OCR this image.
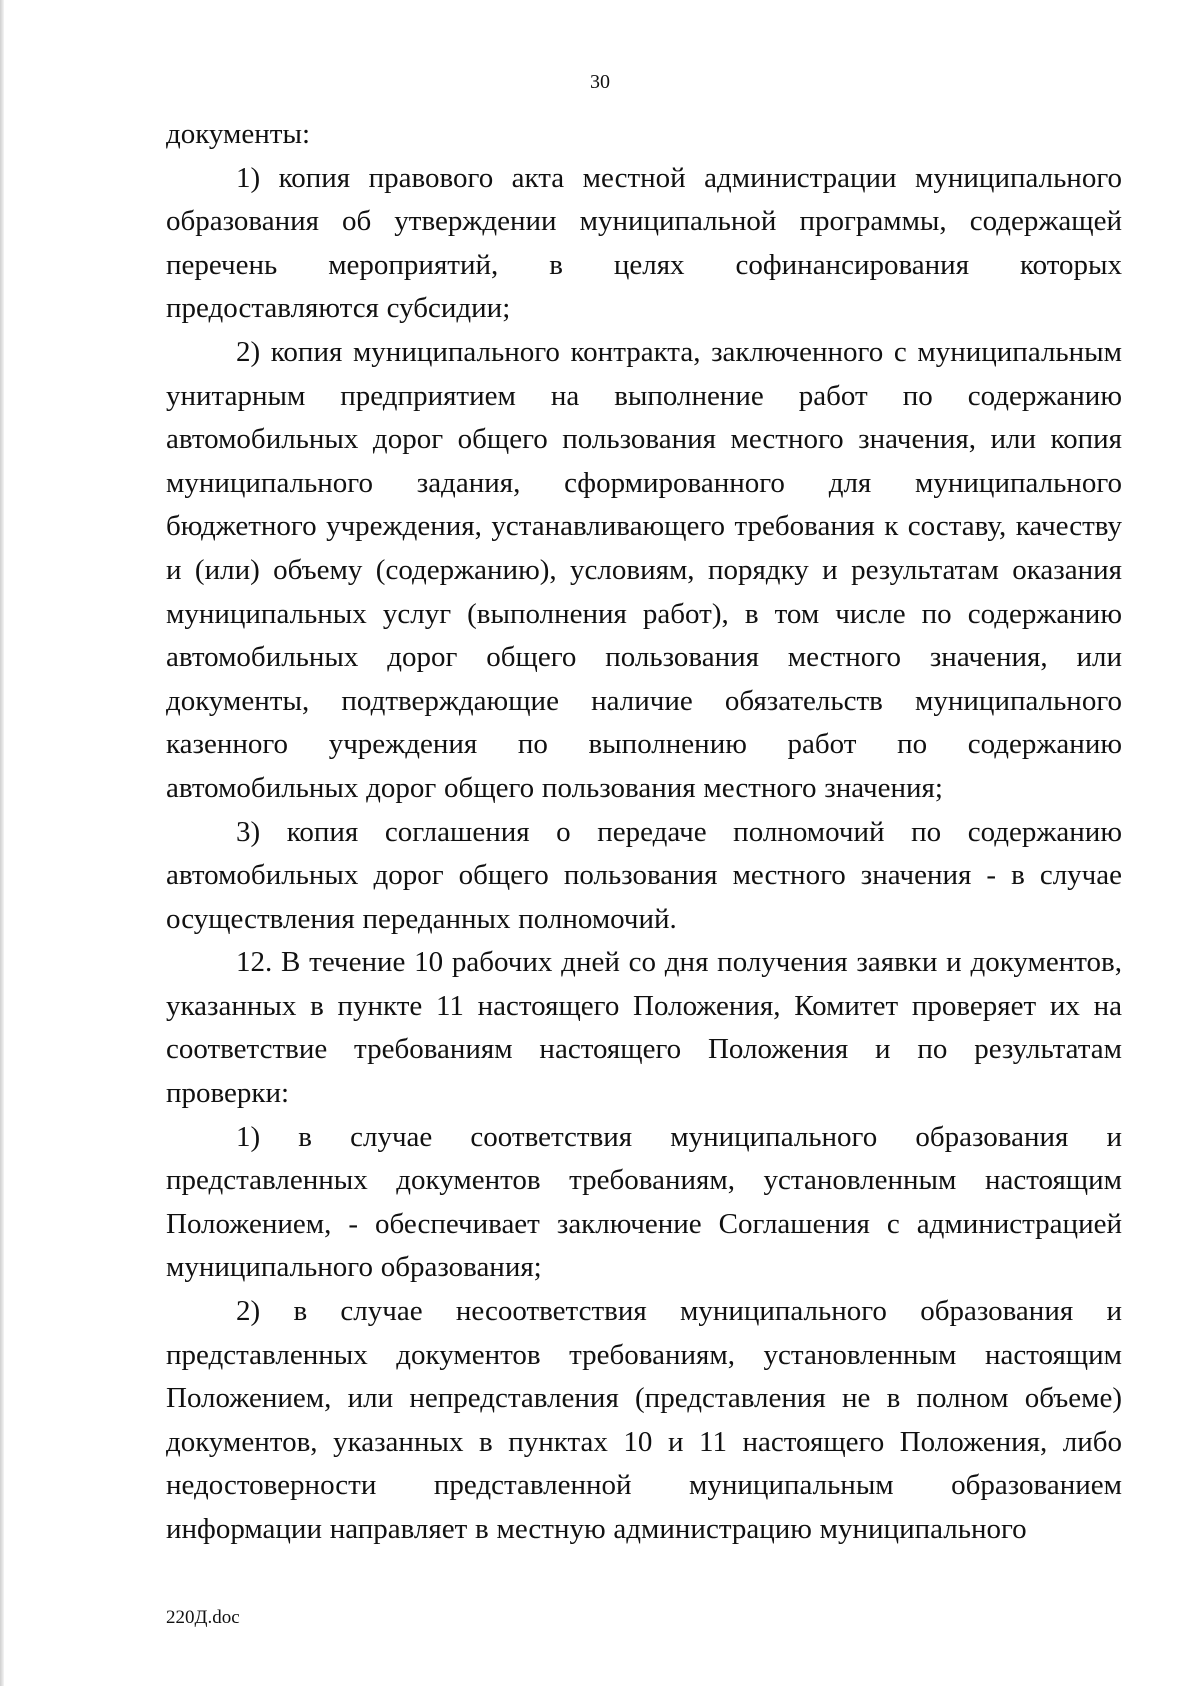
30

документы:

1) копия правового акта местной администрации муниципального образования об утверждении муниципальной программы, содержащей перечень мероприятий, в целях софинансирования которых предоставляются субсидии;

2) копия муниципального контракта, заключенного с муниципальным унитарным предприятием на выполнение работ по содержанию автомобильных дорог общего пользования местного значения, или копия муниципального задания, сформированного для муниципального бюджетного учреждения, устанавливающего требования к составу, качеству и (или) объему (содержанию), условиям, порядку и результатам оказания муниципальных услуг (выполнения работ), в том числе по содержанию автомобильных дорог общего пользования местного значения, или документы, подтверждающие наличие обязательств муниципального казенного учреждения по выполнению работ по содержанию автомобильных дорог общего пользования местного значения;

3) копия соглашения о передаче полномочий по содержанию автомобильных дорог общего пользования местного значения - в случае осуществления переданных полномочий.

12. В течение 10 рабочих дней со дня получения заявки и документов, указанных в пункте 11 настоящего Положения, Комитет проверяет их на соответствие требованиям настоящего Положения и по результатам проверки:

1) в случае соответствия муниципального образования и представленных документов требованиям, установленным настоящим Положением, - обеспечивает заключение Соглашения с администрацией муниципального образования;

2) в случае несоответствия муниципального образования и представленных документов требованиям, установленным настоящим Положением, или непредставления (представления не в полном объеме) документов, указанных в пунктах 10 и 11 настоящего Положения, либо недостоверности представленной муниципальным образованием информации направляет в местную администрацию муниципального

220Д.doc
